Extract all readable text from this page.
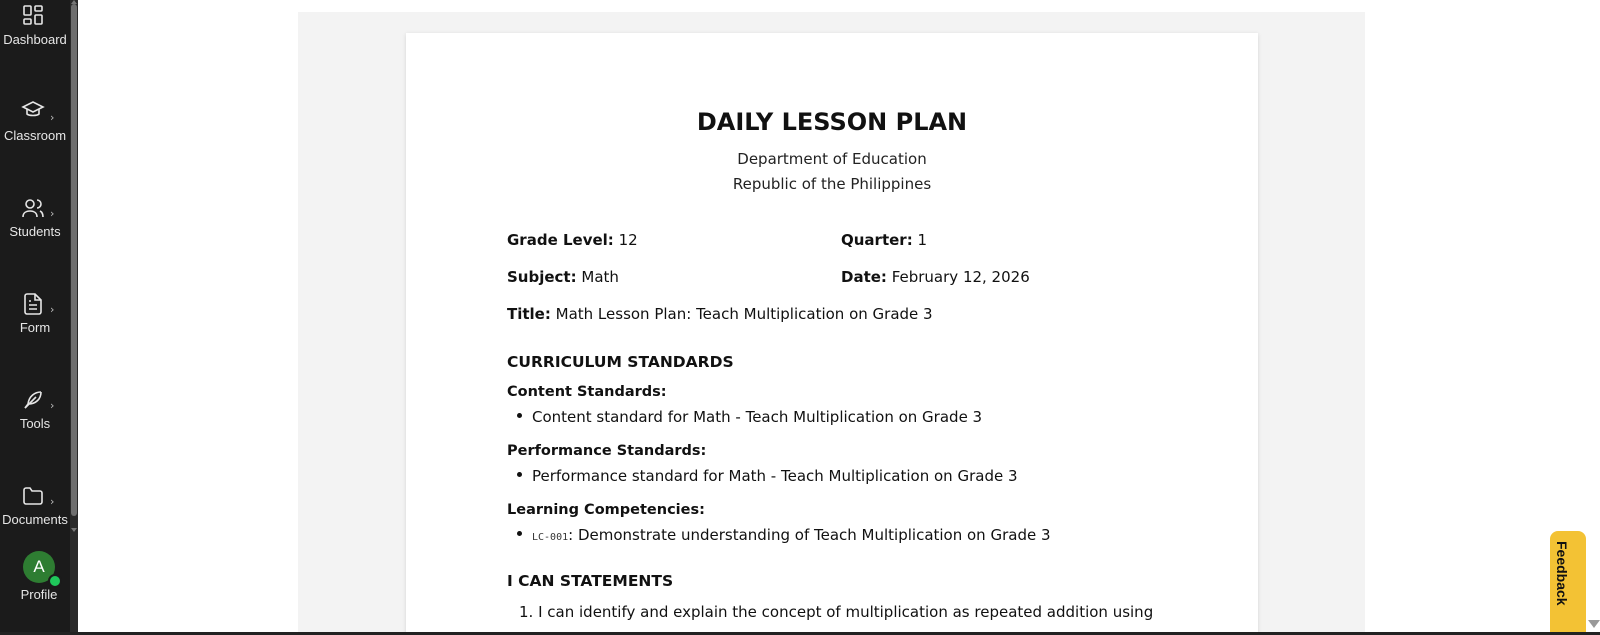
Dashboard
›
Classroom
›
Students
›
Form
›
Tools
›
Documents
A
Profile
DAILY LESSON PLAN
Department of Education
Republic of the Philippines
Grade Level: 12	Quarter: 1
Subject: Math	Date: February 12, 2026
Title: Math Lesson Plan: Teach Multiplication on Grade 3
CURRICULUM STANDARDS
Content Standards:
Content standard for Math - Teach Multiplication on Grade 3
Performance Standards:
Performance standard for Math - Teach Multiplication on Grade 3
Learning Competencies:
LC-001: Demonstrate understanding of Teach Multiplication on Grade 3
I CAN STATEMENTS
1. I can identify and explain the concept of multiplication as repeated addition using
Feedback
